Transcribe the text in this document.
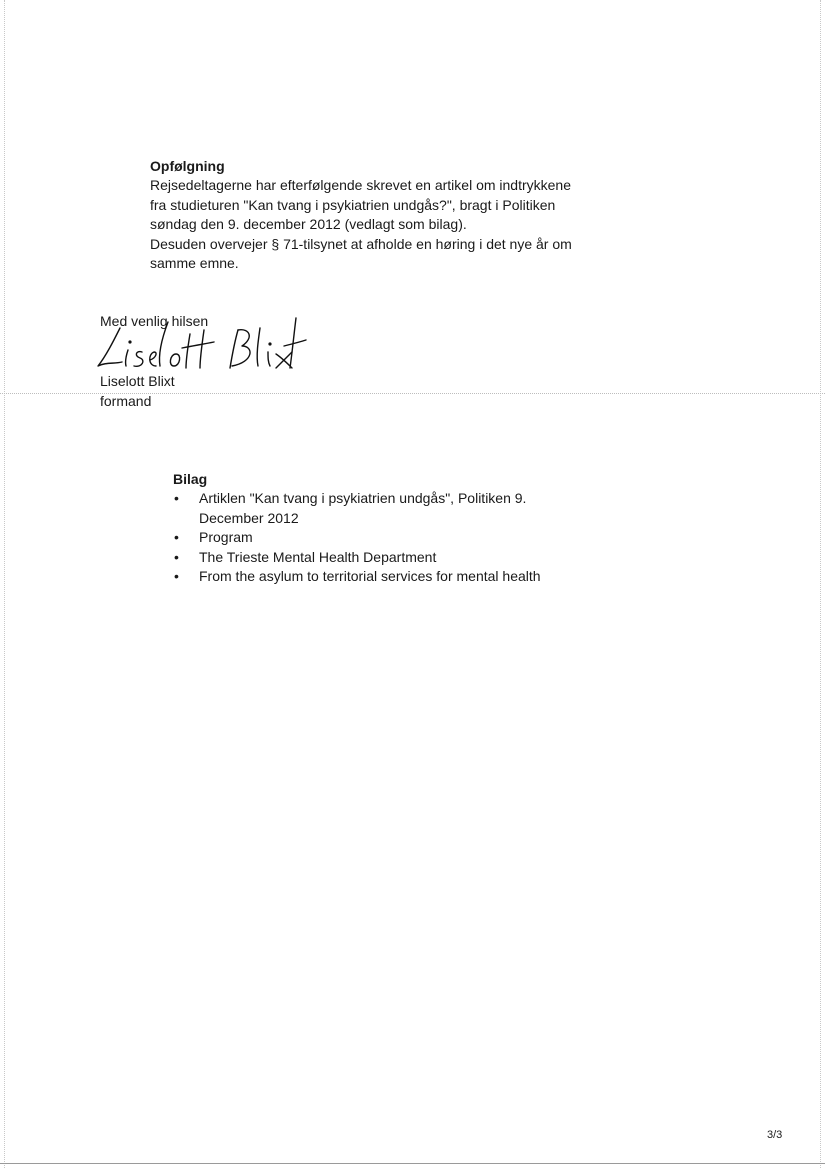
Opfølgning

Rejsedeltagerne har efterfølgende skrevet en artikel om indtrykkene fra studieturen "Kan tvang i psykiatrien undgås?", bragt i Politiken søndag den 9. december 2012 (vedlagt som bilag).

Desuden overvejer § 71-tilsynet at afholde en høring i det nye år om samme emne.

Med venlig hilsen
Liselott Blixt
formand
Bilag
• Artiklen "Kan tvang i psykiatrien undgås", Politiken 9. December 2012
• Program
• The Trieste Mental Health Department
• From the asylum to territorial services for mental health
3/3
